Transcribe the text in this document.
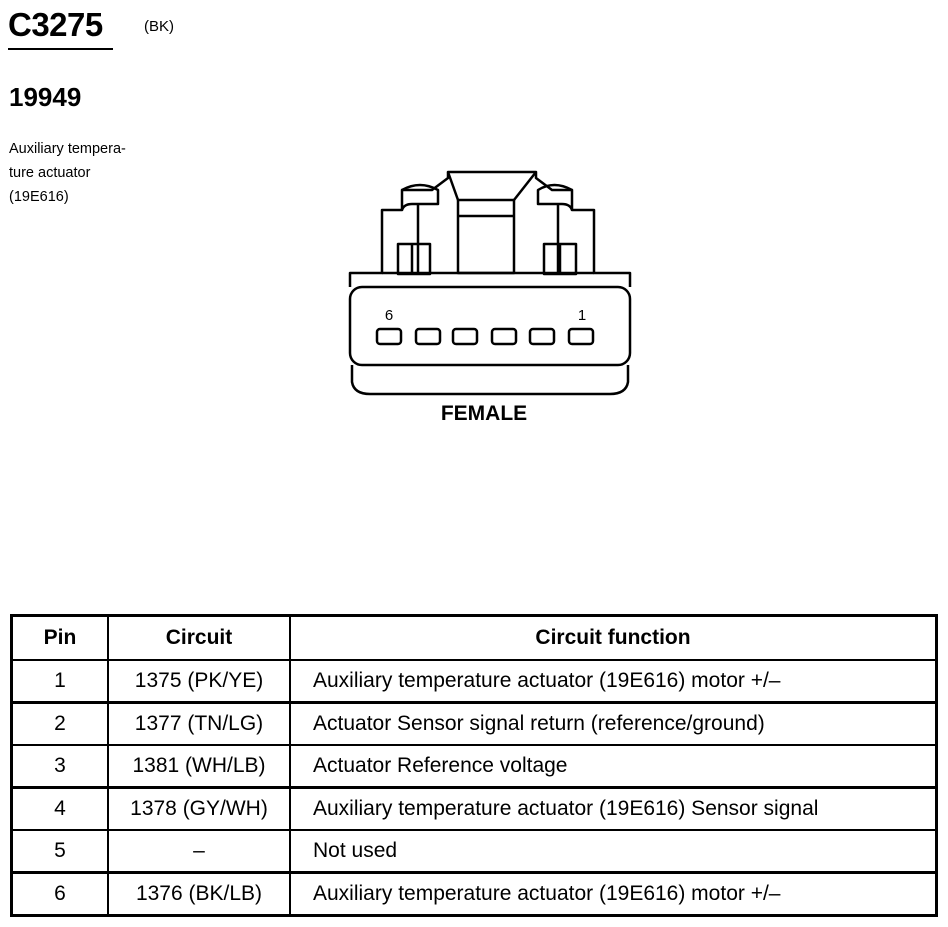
C3275	(BK)
19949
Auxiliary tempera-
ture actuator
(19E616)
6	1
FEMALE
Pin	Circuit	Circuit function
1	1375 (PK/YE)	Auxiliary temperature actuator (19E616) motor +/–
2	1377 (TN/LG)	Actuator Sensor signal return (reference/ground)
3	1381 (WH/LB)	Actuator Reference voltage
4	1378 (GY/WH)	Auxiliary temperature actuator (19E616) Sensor signal
5	–	Not used
6	1376 (BK/LB)	Auxiliary temperature actuator (19E616) motor +/–
